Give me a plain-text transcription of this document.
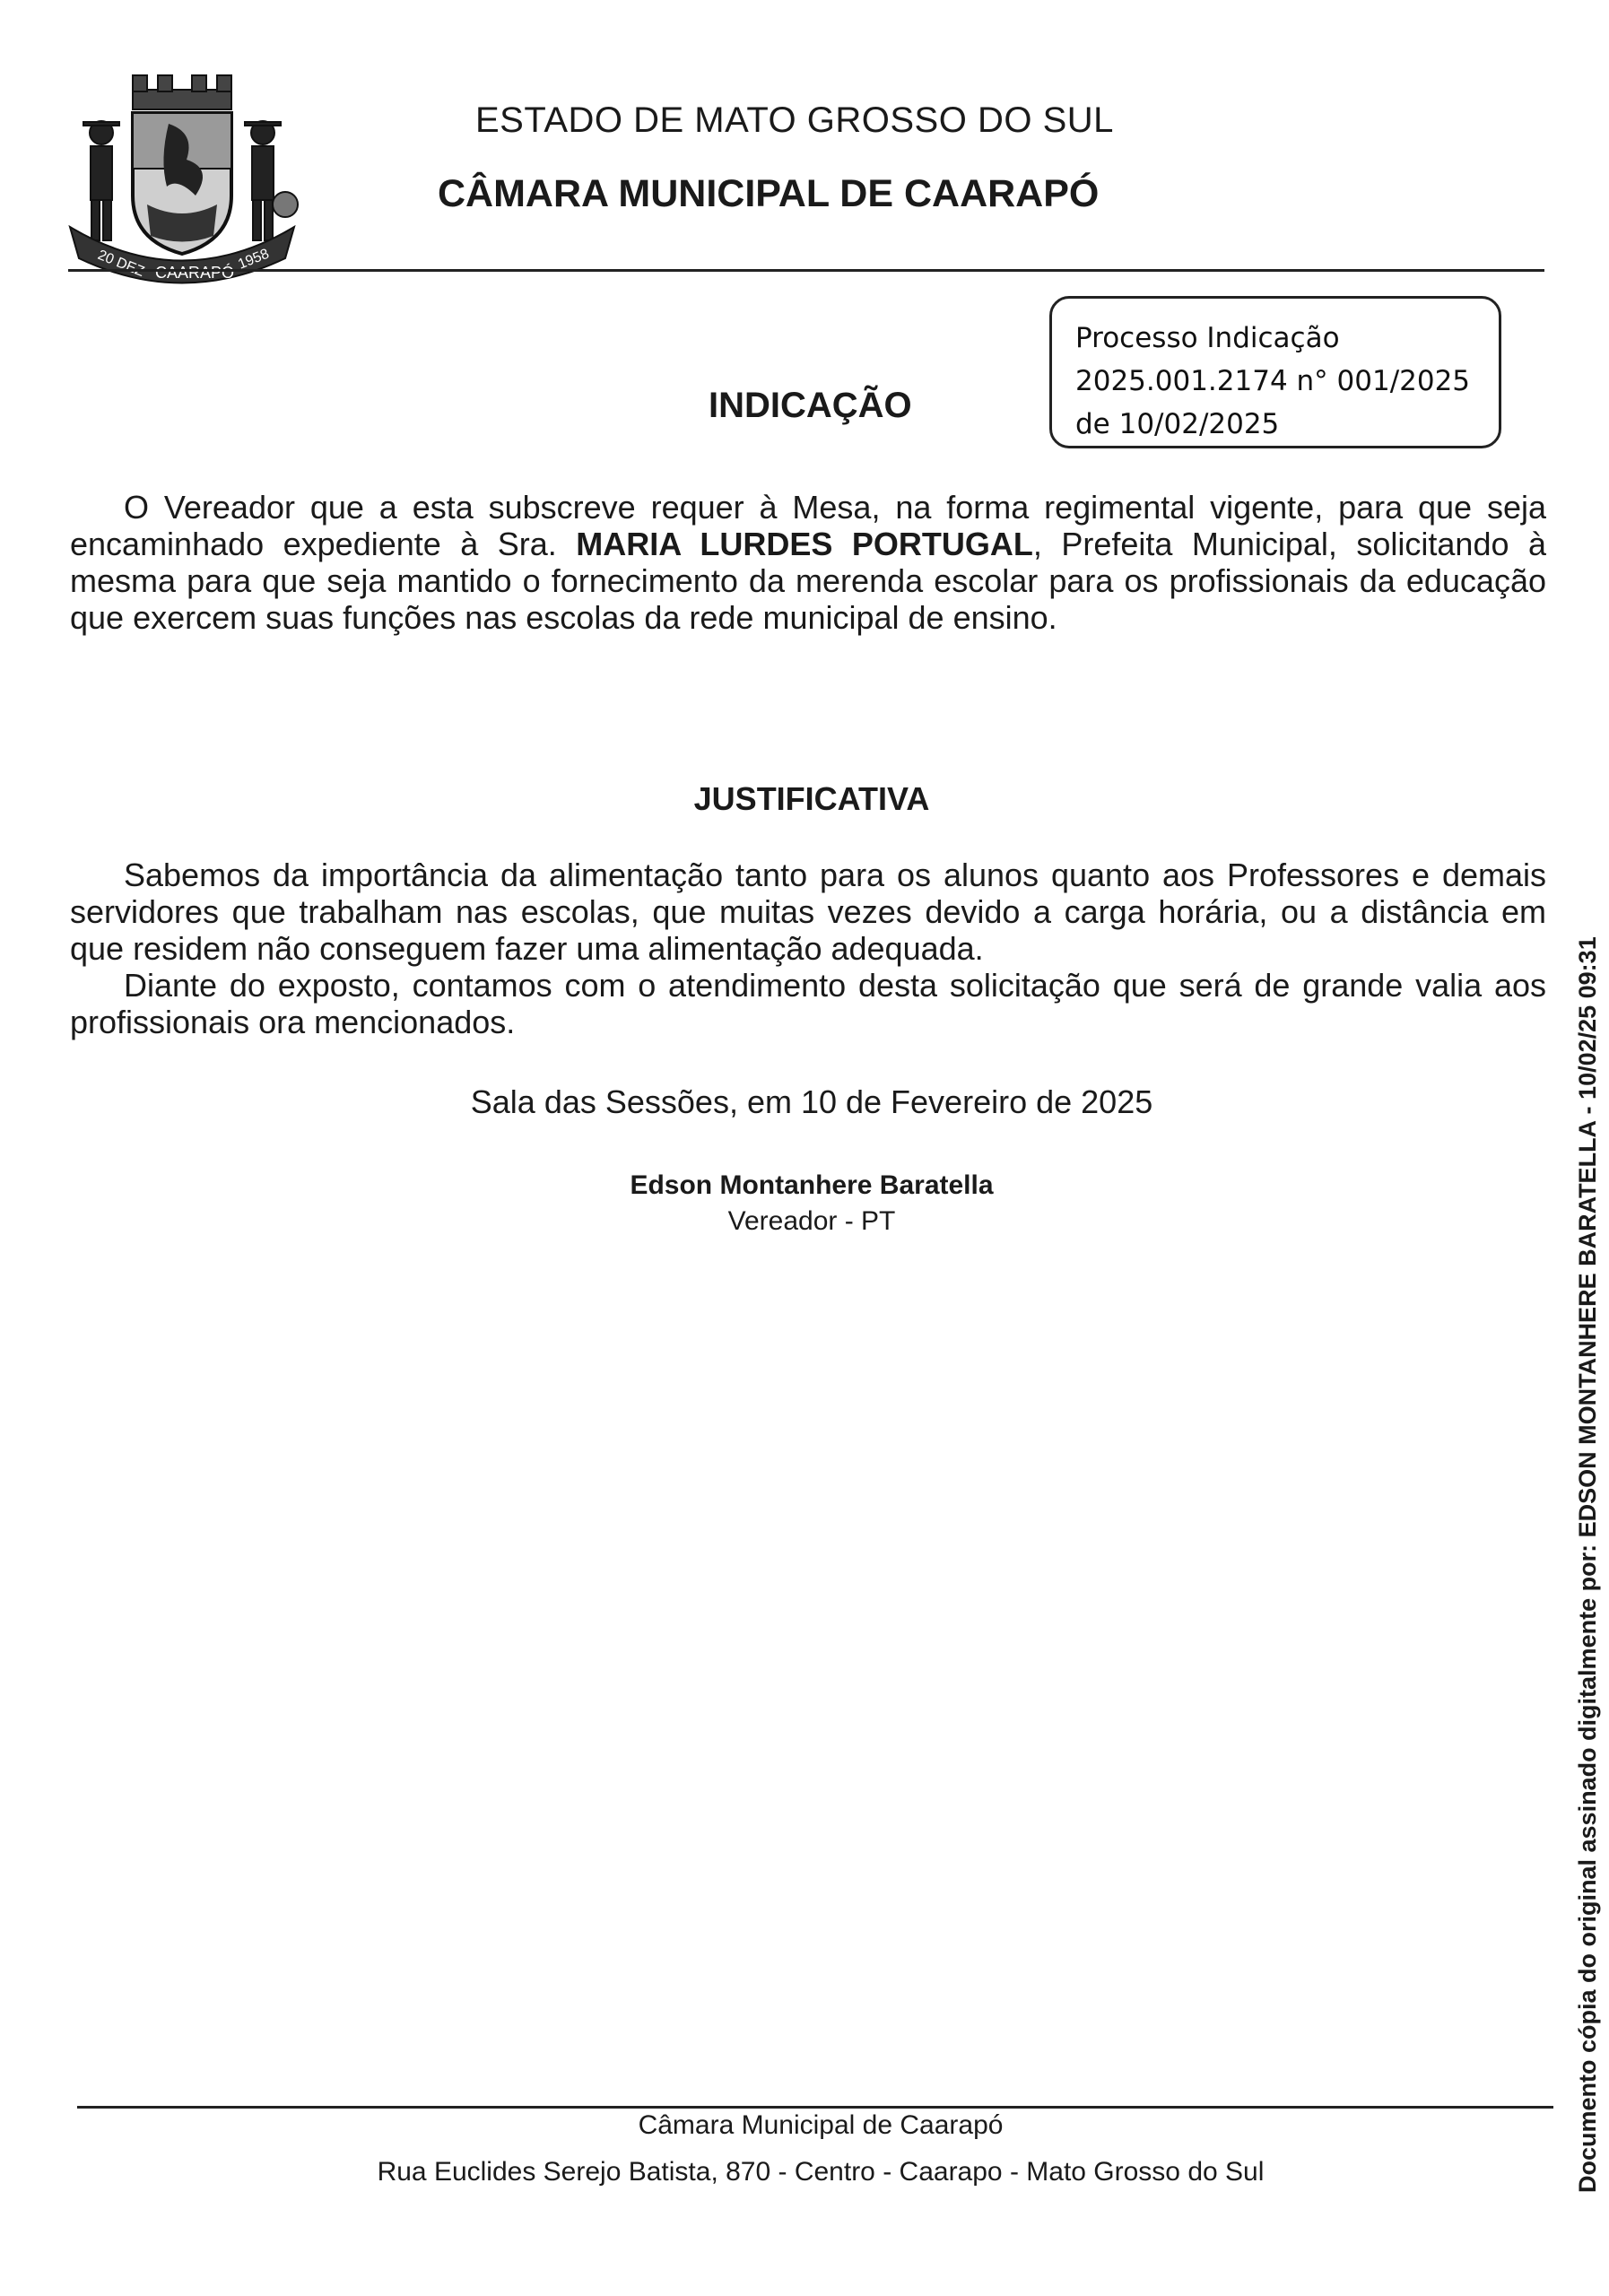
20 DEZ CAARAPÓ
1958
ESTADO DE MATO GROSSO DO SUL
CÂMARA MUNICIPAL DE CAARAPÓ
Processo Indicação
2025.001.2174 n° 001/2025
de 10/02/2025
INDICAÇÃO

O Vereador que a esta subscreve requer à Mesa, na forma regimental vigente, para que seja encaminhado expediente à Sra. MARIA LURDES PORTUGAL, Prefeita Municipal, solicitando à mesma para que seja mantido o fornecimento da merenda escolar para os profissionais da educação que exercem suas funções nas escolas da rede municipal de ensino.

JUSTIFICATIVA

Sabemos da importância da alimentação tanto para os alunos quanto aos Professores e demais servidores que trabalham nas escolas, que muitas vezes devido a carga horária, ou a distância em que residem não conseguem fazer uma alimentação adequada.

Diante do exposto, contamos com o atendimento desta solicitação que será de grande valia aos profissionais ora mencionados.

Sala das Sessões, em 10 de Fevereiro de 2025
Edson Montanhere Baratella
Vereador - PT
Câmara Municipal de Caarapó
Rua Euclides Serejo Batista, 870 - Centro - Caarapo - Mato Grosso do Sul	Documento cópia do original assinado digitalmente por: EDSON MONTANHERE BARATELLA - 10/02/25 09:31
